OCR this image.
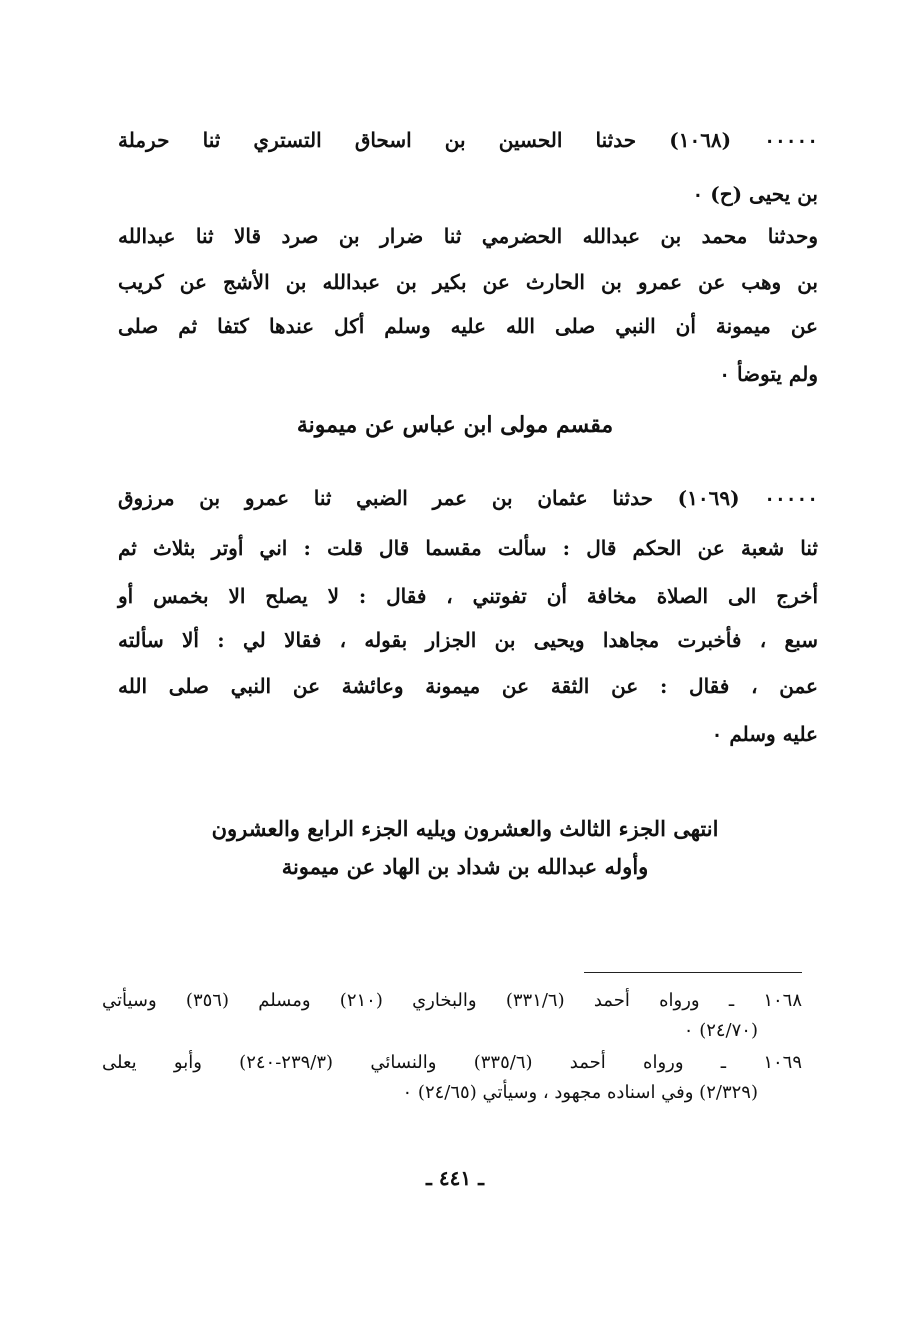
٠٠٠٠٠ (١٠٦٨) حدثنا الحسين بن اسحاق التستري ثنا حرملة
بن يحيى (ح) ٠
وحدثنا محمد بن عبدالله الحضرمي ثنا ضرار بن صرد قالا ثنا عبدالله
بن وهب عن عمرو بن الحارث عن بكير بن عبدالله بن الأشج عن كريب
عن ميمونة أن النبي صلى الله عليه وسلم أكل عندها كتفا ثم صلى
ولم يتوضأ ٠
مقسم مولى ابن عباس عن ميمونة
٠٠٠٠٠ (١٠٦٩) حدثنا عثمان بن عمر الضبي ثنا عمرو بن مرزوق
ثنا شعبة عن الحكم قال : سألت مقسما قال قلت : اني أوتر بثلاث ثم
أخرج الى الصلاة مخافة أن تفوتني ، فقال : لا يصلح الا بخمس أو
سبع ، فأخبرت مجاهدا ويحيى بن الجزار بقوله ، فقالا لي : ألا سألته
عمن ، فقال : عن الثقة عن ميمونة وعائشة عن النبي صلى الله
عليه وسلم ٠
انتهى الجزء الثالث والعشرون ويليه الجزء الرابع والعشرون
وأوله عبدالله بن شداد بن الهاد عن ميمونة
١٠٦٨ ـ ورواه أحمد (٣٣١/٦) والبخاري (٢١٠) ومسلم (٣٥٦) وسيأتي
(٢٤/٧٠) ٠
١٠٦٩ ـ ورواه أحمد (٣٣٥/٦) والنسائي (٢٣٩/٣-٢٤٠) وأبو يعلى
(٢/٣٢٩) وفي اسناده مجهود ، وسيأتي (٢٤/٦٥) ٠
ـ ٤٤١ ـ
